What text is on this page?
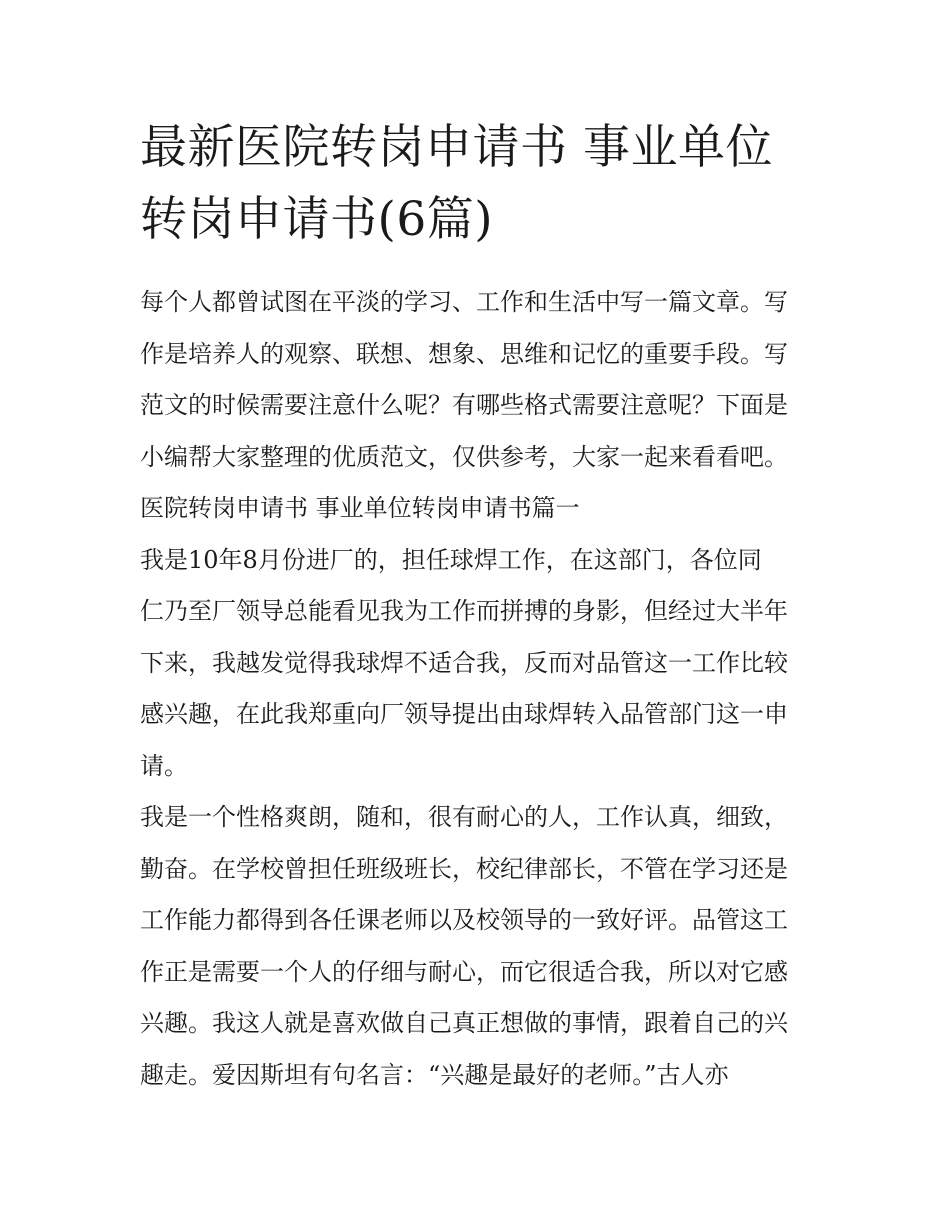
最新医院转岗申请书 事业单位
转岗申请书(6篇)
每个人都曾试图在平淡的学习、工作和生活中写一篇文章。写
作是培养人的观察、联想、想象、思维和记忆的重要手段。写
范文的时候需要注意什么呢？有哪些格式需要注意呢？下面是
小编帮大家整理的优质范文，仅供参考，大家一起来看看吧。
医院转岗申请书 事业单位转岗申请书篇一
我是10年8月份进厂的，担任球焊工作，在这部门，各位同
仁乃至厂领导总能看见我为工作而拼搏的身影，但经过大半年
下来，我越发觉得我球焊不适合我，反而对品管这一工作比较
感兴趣，在此我郑重向厂领导提出由球焊转入品管部门这一申
请。
我是一个性格爽朗，随和，很有耐心的人，工作认真，细致，
勤奋。在学校曾担任班级班长，校纪律部长，不管在学习还是
工作能力都得到各任课老师以及校领导的一致好评。品管这工
作正是需要一个人的仔细与耐心，而它很适合我，所以对它感
兴趣。我这人就是喜欢做自己真正想做的事情，跟着自己的兴
趣走。爱因斯坦有句名言：“兴趣是最好的老师。”古人亦
